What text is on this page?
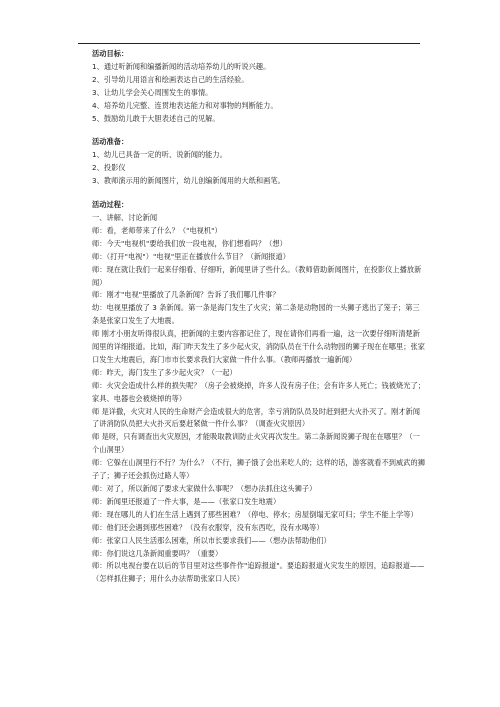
活动目标：

1、通过听新闻和编播新闻的活动培养幼儿的听说兴趣。

2、引导幼儿用语言和绘画表达自己的生活经验。

3、让幼儿学会关心周围发生的事情。

4、培养幼儿完整、连贯地表达能力和对事物的判断能力。

5、鼓励幼儿敢于大胆表述自己的见解。

活动准备：

1、幼儿已具备一定的听、说新闻的能力。

2、投影仪

3、教师演示用的新闻图片，幼儿创编新闻用的大纸和画笔。

活动过程：

一、讲解、讨论新闻

师：看，老师带来了什么？（"电视机"）

师：今天"电视机"要给我们放一段电视，你们想看吗？（想）

师：（打开"电视"）"电视"里正在播放什么节目？（新闻报道）

师：现在就让我们一起来仔细看、仔细听，新闻里讲了些什么。（教师借助新闻图片，在投影仪上播放新闻）

师：刚才"电视"里播放了几条新闻？告诉了我们哪几件事？

幼：电视里播放了 3 条新闻。第一条是海门发生了火灾；第二条是动物园的一头狮子逃出了笼子；第三条是张家口发生了大地震。

师 刚才小朋友听得很认真，把新闻的主要内容都记住了，现在请你们再看一遍，这一次要仔细听清楚新闻里的详细报道。比如，海门昨天发生了多少起火灾，消防队员在干什么动物园的狮子现在在哪里；张家口发生大地震后，海门市市长要求我们大家做一件什么事。（教师再播放一遍新闻）

师：昨天，海门发生了多少起火灾？（一起）

师：火灾会造成什么样的损失呢？（房子会被烧掉，许多人没有房子住；会有许多人死亡；钱被烧光了；家具、电器也会被烧掉的等）

师 是详撒，火灾对人民的生命财产会造成很大的危害，幸亏消防队员及时赶到把大火扑灭了。刚才新闻了讲消防队员把大火扑灭后要赶紧做一件什么事？（调查火灾原因）

师 是呀，只有调查出火灾原因，才能吸取教训防止火灾再次发生。第二条新闻说狮子现在在哪里？（一个山洞里）

师：它躲在山洞里行不行？为什么？（不行，狮子饿了会出来吃人的；这样的话，游客就看不到威武的狮子了；狮子还会抓伤过路人等）

师：对了，所以新闻了要求大家做什么事呢？（想办法抓住这头狮子）

师：新闻里还报道了一件大事，是——（张家口发生地震）

师：现在哪儿的人们在生活上遇到了那些困难？（停电、停水；房屋倒塌无家可归；学生不能上学等）

师：他们还会遇到那些困难？（没有衣服穿，没有东西吃，没有水喝等）

师：张家口人民生活那么困难，所以市长要求我们——（想办法帮助他们）

师：你们说这几条新闻重要吗？（重要）

师：所以电视台要在以后的节目里对这些事件作"追踪报道"。要追踪报道火灾发生的原因，追踪报道——（怎样抓住狮子；用什么办法帮助张家口人民）
